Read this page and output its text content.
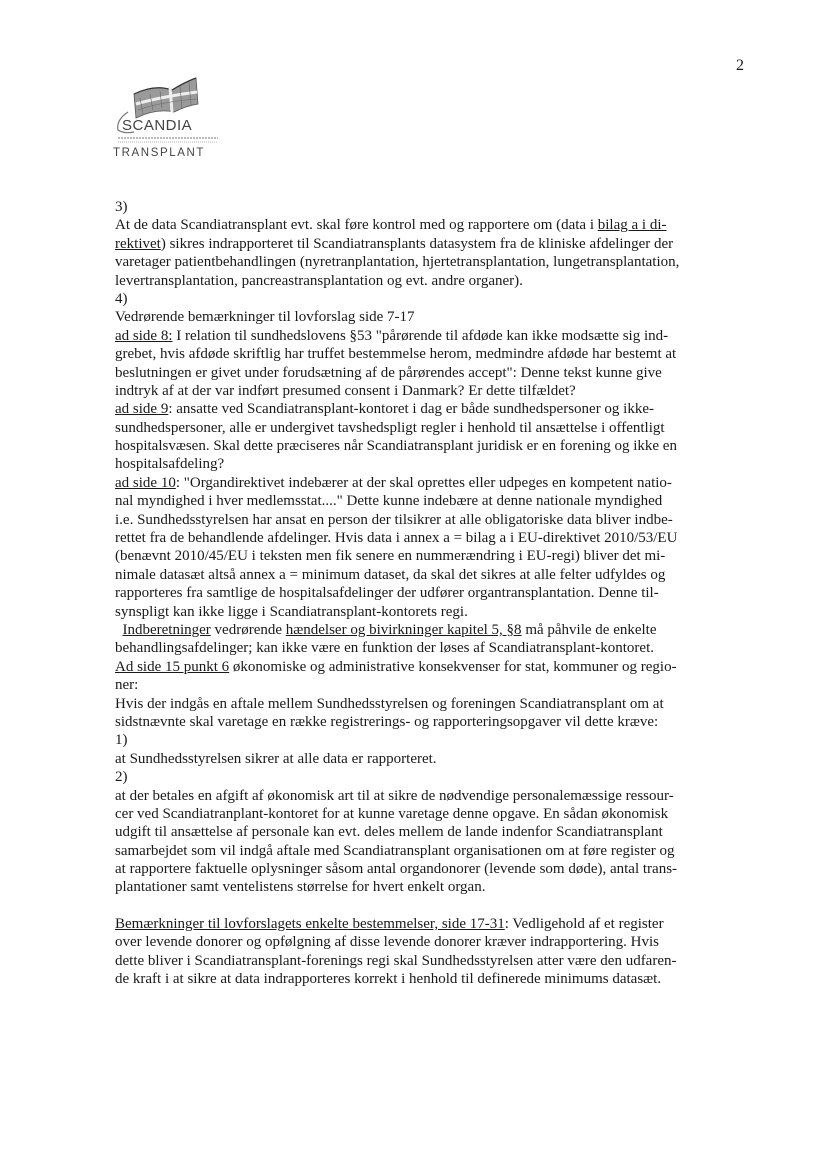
2
SCANDIA
TRANSPLANT
3)
At de data Scandiatransplant evt. skal føre kontrol med og rapportere om (data i bilag a i di-
rektivet) sikres indrapporteret til Scandiatransplants datasystem fra de kliniske afdelinger der
varetager patientbehandlingen (nyretranplantation, hjertetransplantation, lungetransplantation,
levertransplantation, pancreastransplantation og evt. andre organer).
4)
Vedrørende bemærkninger til lovforslag side 7-17
ad side 8: I relation til sundhedslovens §53 "pårørende til afdøde kan ikke modsætte sig ind-
grebet, hvis afdøde skriftlig har truffet bestemmelse herom, medmindre afdøde har bestemt at
beslutningen er givet under forudsætning af de pårørendes accept": Denne tekst kunne give
indtryk af at der var indført presumed consent i Danmark? Er dette tilfældet?
ad side 9: ansatte ved Scandiatransplant-kontoret i dag er både sundhedspersoner og ikke-
sundhedspersoner, alle er undergivet tavshedspligt regler i henhold til ansættelse i offentligt
hospitalsvæsen. Skal dette præciseres når Scandiatransplant juridisk er en forening og ikke en
hospitalsafdeling?
ad side 10: "Organdirektivet indebærer at der skal oprettes eller udpeges en kompetent natio-
nal myndighed i hver medlemsstat...." Dette kunne indebære at denne nationale myndighed
i.e. Sundhedsstyrelsen har ansat en person der tilsikrer at alle obligatoriske data bliver indbe-
rettet fra de behandlende afdelinger. Hvis data i annex a = bilag a i EU-direktivet 2010/53/EU
(benævnt 2010/45/EU i teksten men fik senere en nummerændring i EU-regi) bliver det mi-
nimale datasæt altså annex a = minimum dataset, da skal det sikres at alle felter udfyldes og
rapporteres fra samtlige de hospitalsafdelinger der udfører organtransplantation. Denne til-
synspligt kan ikke ligge i Scandiatransplant-kontorets regi.
Indberetninger vedrørende hændelser og bivirkninger kapitel 5, §8 må påhvile de enkelte
behandlingsafdelinger; kan ikke være en funktion der løses af Scandiatransplant-kontoret.
Ad side 15 punkt 6 økonomiske og administrative konsekvenser for stat, kommuner og regio-
ner:
Hvis der indgås en aftale mellem Sundhedsstyrelsen og foreningen Scandiatransplant om at
sidstnævnte skal varetage en række registrerings- og rapporteringsopgaver vil dette kræve:
1)
at Sundhedsstyrelsen sikrer at alle data er rapporteret.
2)
at der betales en afgift af økonomisk art til at sikre de nødvendige personalemæssige ressour-
cer ved Scandiatranplant-kontoret for at kunne varetage denne opgave. En sådan økonomisk
udgift til ansættelse af personale kan evt. deles mellem de lande indenfor Scandiatransplant
samarbejdet som vil indgå aftale med Scandiatransplant organisationen om at føre register og
at rapportere faktuelle oplysninger såsom antal organdonorer (levende som døde), antal trans-
plantationer samt ventelistens størrelse for hvert enkelt organ.
Bemærkninger til lovforslagets enkelte bestemmelser, side 17-31: Vedligehold af et register
over levende donorer og opfølgning af disse levende donorer kræver indrapportering. Hvis
dette bliver i Scandiatransplant-forenings regi skal Sundhedsstyrelsen atter være den udfaren-
de kraft i at sikre at data indrapporteres korrekt i henhold til definerede minimums datasæt.
